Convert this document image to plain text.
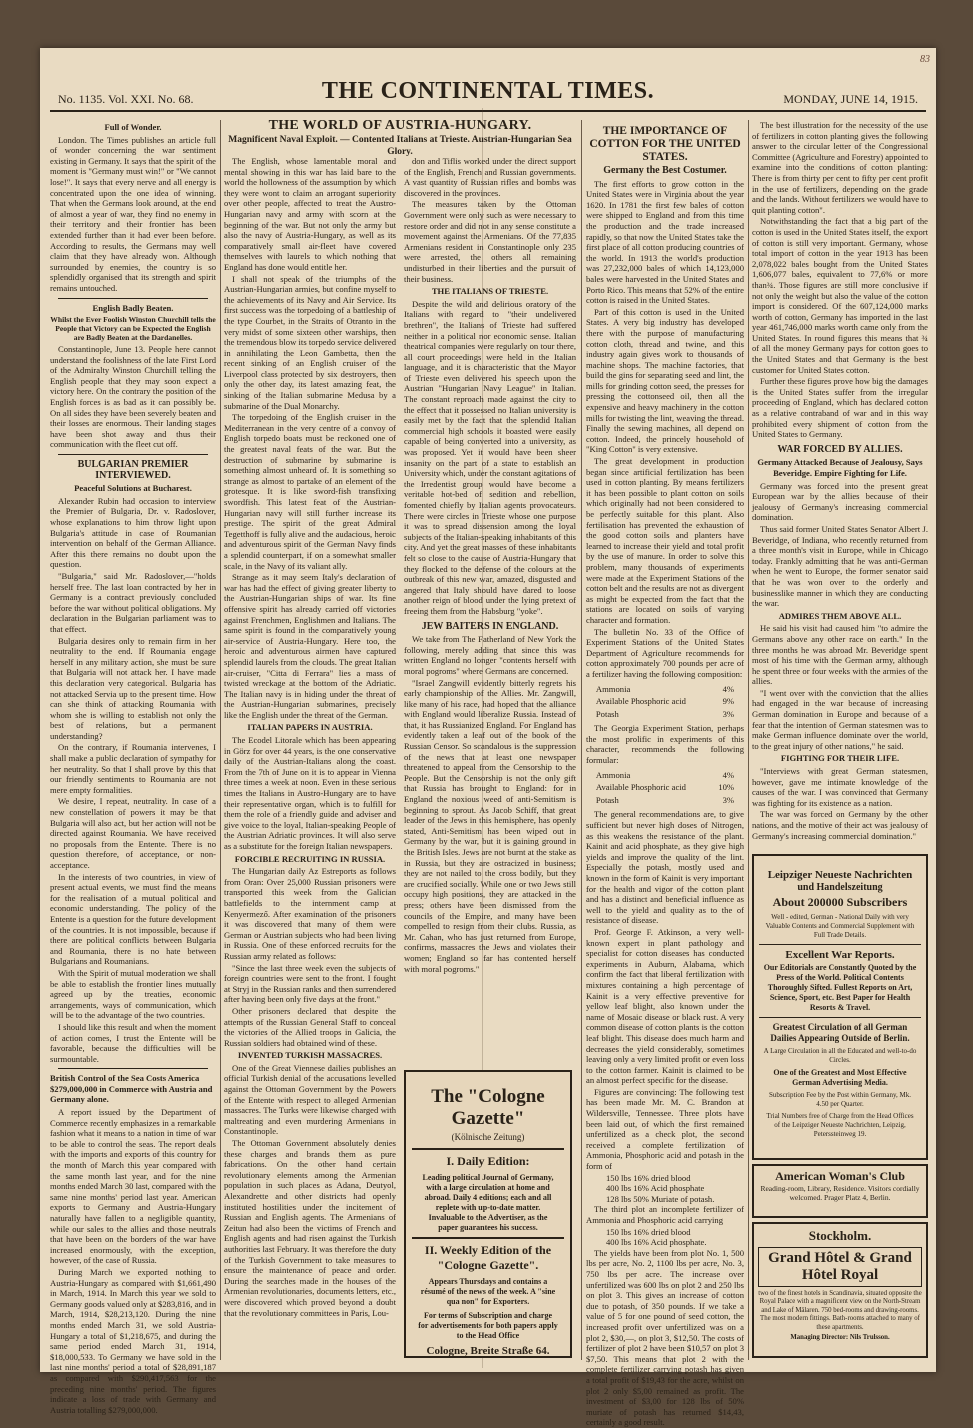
83
No. 1135. Vol. XXI. No. 68.	THE CONTINENTAL TIMES.	MONDAY, JUNE 14, 1915.
Full of Wonder.

London. The Times publishes an article full of wonder concerning the war sentiment existing in Germany. It says that the spirit of the moment is "Germany must win!" or "We cannot lose!". It says that every nerve and all energy is concentrated upon the one idea of winning. That when the Germans look around, at the end of almost a year of war, they find no enemy in their territory and their frontier has been extended further than it had ever been before. According to results, the Germans may well claim that they have already won. Although surrounded by enemies, the country is so splendidly organised that its strength and spirit remains untouched.

English Badly Beaten.
Whilst the Ever Foolish Winston Churchill tells the People that Victory can be Expected the English are Badly Beaten at the Dardanelles.

Constantinople, June 13. People here cannot understand the foolishness of the late First Lord of the Admiralty Winston Churchill telling the English people that they may soon expect a victory here. On the contrary the position of the English forces is as bad as it can possibly be. On all sides they have been severely beaten and their losses are enormous. Their landing stages have been shot away and thus their communication with the fleet cut off.

BULGARIAN PREMIER INTERVIEWED.
Peaceful Solutions at Bucharest.

Alexander Rubin had occasion to interview the Premier of Bulgaria, Dr. v. Radoslover, whose explanations to him throw light upon Bulgaria's attitude in case of Roumanian intervention on behalf of the German Alliance. After this there remains no doubt upon the question.

"Bulgaria," said Mr. Radoslover,—"holds herself free. The last loan contracted by her in Germany is a contract previously concluded before the war without political obligations. My declaration in the Bulgarian parliament was to that effect.

Bulgaria desires only to remain firm in her neutrality to the end. If Roumania engage herself in any military action, she must be sure that Bulgaria will not attack her. I have made this declaration very categorical. Bulgaria has not attacked Servia up to the present time. How can she think of attacking Roumania with whom she is willing to establish not only the best of relations, but a permanent understanding?

On the contrary, if Roumania intervenes, I shall make a public declaration of sympathy for her neutrality. So that I shall prove by this that our friendly sentiments to Roumania are not mere empty formalities.

We desire, I repeat, neutrality. In case of a new constellation of powers it may be that Bulgaria will also act, but her action will not be directed against Roumania. We have received no proposals from the Entente. There is no question therefore, of acceptance, or non-acceptance.

In the interests of two countries, in view of present actual events, we must find the means for the realisation of a mutual political and economic understanding. The policy of the Entente is a question for the future development of the countries. It is not impossible, because if there are political conflicts between Bulgaria and Roumania, there is no hate between Bulgarians and Roumanians.

With the Spirit of mutual moderation we shall be able to establish the frontier lines mutually agreed up by the treaties, economic arrangements, ways of communication, which will be to the advantage of the two countries.

I should like this result and when the moment of action comes, I trust the Entente will be favorable, because the difficulties will be surmountable.

British Control of the Sea Costs America $279,000,000 in Commerce with Austria and Germany alone.

A report issued by the Department of Commerce recently emphasizes in a remarkable fashion what it means to a nation in time of war to be able to control the seas. The report deals with the imports and exports of this country for the month of March this year compared with the same month last year, and for the nine months ended March 30 last, compared with the same nine months' period last year. American exports to Germany and Austria-Hungary naturally have fallen to a negligible quantity, while our sales to the allies and those neutrals that have been on the borders of the war have increased enormously, with the exception, however, of the case of Russia.

During March we exported nothing to Austria-Hungary as compared with $1,661,490 in March, 1914. In March this year we sold to Germany goods valued only at $283,816, and in March, 1914, $28,213,120. During the nine months ended March 31, we sold Austria-Hungary a total of $1,218,675, and during the same period ended March 31, 1914, $18,000,533. To Germany we have sold in the last nine months' period a total of $28,891,187 as compared with $290,417,563 for the preceding nine months' period. The figures indicate a loss of trade with Germany and Austria totalling $279,000,000.

THE WORLD OF AUSTRIA-HUNGARY.
Magnificent Naval Exploit. — Contented Italians at Trieste. Austrian-Hungarian Sea Glory.

The English, whose lamentable moral and mental showing in this war has laid bare to the world the hollowness of the assumption by which they were wont to claim an arrogant superiority over other people, affected to treat the Austro-Hungarian navy and army with scorn at the beginning of the war. But not only the army but also the navy of Austria-Hungary, as well as its comparatively small air-fleet have covered themselves with laurels to which nothing that England has done would entitle her.

I shall not speak of the triumphs of the Austrian-Hungarian armies, but confine myself to the achievements of its Navy and Air Service. Its first success was the torpedoing of a battleship of the type Courbet, in the Straits of Otranto in the very midst of some sixteen other warships, then the tremendous blow its torpedo service delivered in annihilating the Leon Gambetta, then the recent sinking of an English cruiser of the Liverpool class protected by six destroyers, then only the other day, its latest amazing feat, the sinking of the Italian submarine Medusa by a submarine of the Dual Monarchy.

The torpedoing of the English cruiser in the Mediterranean in the very centre of a convoy of English torpedo boats must be reckoned one of the greatest naval feats of the war. But the destruction of submarine by submarine is something almost unheard of. It is something so strange as almost to partake of an element of the grotesque. It is like sword-fish transfixing swordfish. This latest feat of the Austrian-Hungarian navy will still further increase its prestige. The spirit of the great Admiral Tegetthoff is fully alive and the audacious, heroic and adventurous spirit of the German Navy finds a splendid counterpart, if on a somewhat smaller scale, in the Navy of its valiant ally.

Strange as it may seem Italy's declaration of war has had the effect of giving greater liberty to the Austrian-Hungarian ships of war. Its fine offensive spirit has already carried off victories against Frenchmen, Englishmen and Italians. The same spirit is found in the comparatively young air-service of Austria-Hungary. Here too, the heroic and adventurous airmen have captured splendid laurels from the clouds. The great Italian air-cruiser, "Citta di Ferrara" lies a mass of twisted wreckage at the bottom of the Adriatic. The Italian navy is in hiding under the threat of the Austrian-Hungarian submarines, precisely like the English under the threat of the German.

ITALIAN PAPERS IN AUSTRIA.

The Ecodel Litorale which has been appearing in Görz for over 44 years, is the one conservative daily of the Austrian-Italians along the coast. From the 7th of June on it is to appear in Vienna three times a week at noon. Even in these serious times the Italians in Austro-Hungary are to have their representative organ, which is to fulfill for them the role of a friendly guide and adviser and give voice to the loyal, Italian-speaking People of the Austrian Adriatic provinces. It will also serve as a substitute for the foreign Italian newspapers.

FORCIBLE RECRUITING IN RUSSIA.

The Hungarian daily Az Estreports as follows from Oran: Over 25,000 Russian prisoners were transported this week from the Galician battlefields to the internment camp at Kenyermező. After examination of the prisoners it was discovered that many of them were German or Austrian subjects who had been living in Russia. One of these enforced recruits for the Russian army related as follows:

"Since the last three week even the subjects of foreign countries were sent to the front. I fought at Stryj in the Russian ranks and then surrendered after having been only five days at the front."

Other prisoners declared that despite the attempts of the Russian General Staff to conceal the victories of the Allied troops in Galicia, the Russian soldiers had obtained wind of these.

INVENTED TURKISH MASSACRES.

One of the Great Viennese dailies publishes an official Turkish denial of the accusations levelled against the Ottoman Government by the Powers of the Entente with respect to alleged Armenian massacres. The Turks were likewise charged with maltreating and even murdering Armenians in Constantinople.

The Ottoman Government absolutely denies these charges and brands them as pure fabrications. On the other hand certain revolutionary elements among the Armenian population in such places as Adana, Deutyol, Alexandrette and other districts had openly instituted hostilities under the incitement of Russian and English agents. The Armenians of Zeitun had also been the victims of French and English agents and had risen against the Turkish authorities last February. It was therefore the duty of the Turkish Government to take measures to ensure the maintenance of peace and order. During the searches made in the houses of the Armenian revolutionaries, documents letters, etc., were discovered which proved beyond a doubt that the revolutionary committees in Paris, Lou-

don and Tiflis worked under the direct support of the English, French and Russian governments. A vast quantity of Russian rifles and bombs was discovered in the provinces.

The measures taken by the Ottoman Government were only such as were necessary to restore order and did not in any sense constitute a movement against the Armenians. Of the 77,835 Armenians resident in Constantinople only 235 were arrested, the others all remaining undisturbed in their liberties and the pursuit of their business.

THE ITALIANS OF TRIESTE.

Despite the wild and delirious oratory of the Italians with regard to "their undelivered brethren", the Italians of Trieste had suffered neither in a political nor economic sense. Italian theatrical companies were regularly on tour there, all court proceedings were held in the Italian language, and it is characteristic that the Mayor of Trieste even delivered his speech upon the Austrian "Hungarian Navy League" in Italian. The constant reproach made against the city to the effect that it possessed no Italian university is easily met by the fact that the splendid Italian commercial high schools it boasted were easily capable of being converted into a university, as was proposed. Yet it would have been sheer insanity on the part of a state to establish an University which, under the constant agitations of the Irredentist group would have become a veritable hot-bed of sedition and rebellion, fomented chiefly by Italian agents provocateurs. There were circles in Trieste whose one purpose it was to spread dissension among the loyal subjects of the Italian-speaking inhabitants of this city. And yet the great masses of these inhabitants felt so close to the cause of Austria-Hungary that they flocked to the defense of the colours at the outbreak of this new war, amazed, disgusted and angered that Italy should have dared to loose another reign of blood under the lying pretext of freeing them from the Habsburg "yoke".

JEW BAITERS IN ENGLAND.

We take from The Fatherland of New York the following, merely adding that since this was written England no longer "contents herself with moral pogroms" where Germans are concerned.

"Israel Zangwill evidently bitterly regrets his early championship of the Allies. Mr. Zangwill, like many of his race, had hoped that the alliance with England would liberalize Russia. Instead of that, it has Russianized England. For England has evidently taken a leaf out of the book of the Russian Censor. So scandalous is the suppression of the news that at least one newspaper threatened to appeal from the Censorship to the People. But the Censorship is not the only gift that Russia has brought to England: for in England the noxious weed of anti-Semitism is beginning to sprout. As Jacob Schiff, that great leader of the Jews in this hemisphere, has openly stated, Anti-Semitism has been wiped out in Germany by the war, but it is gaining ground in the British Isles. Jews are not burnt at the stake as in Russia, but they are ostracized in business; they are not nailed to the cross bodily, but they are crucified socially. While one or two Jews still occupy high positions, they are attacked in the press; others have been dismissed from the councils of the Empire, and many have been compelled to resign from their clubs. Russia, as Mr. Cahan, who has just returned from Europe, confirms, massacres the Jews and violates their women; England so far has contented herself with moral pogroms."

The "Cologne Gazette"
(Kölnische Zeitung)
I. Daily Edition:
Leading political Journal of Germany, with a large circulation at home and abroad. Daily 4 editions; each and all replete with up-to-date matter. Invaluable to the Advertiser, as the paper guarantees his success.
II. Weekly Edition of the "Cologne Gazette".
Appears Thursdays and contains a résumé of the news of the week. A "sine qua non" for Exporters.
For terms of Subscription and charge for advertisements for both papers apply to the Head Office
Cologne, Breite Straße 64.
THE IMPORTANCE OF COTTON FOR THE UNITED STATES.
Germany the Best Costumer.

The first efforts to grow cotton in the United States were in Virginia about the year 1620. In 1781 the first few bales of cotton were shipped to England and from this time the production and the trade increased rapidly, so that now the United States take the first place of all cotton producing countries of the world. In 1913 the world's production was 27,232,000 bales of which 14,123,000 bales were harvested in the United States and Porto Rico. This means that 52% of the entire cotton is raised in the United States.

Part of this cotton is used in the United States. A very big industry has developed there with the purpose of manufacturing cotton cloth, thread and twine, and this industry again gives work to thousands of machine shops. The machine factories, that build the gins for separating seed and lint, the mills for grinding cotton seed, the presses for pressing the cottonseed oil, then all the expensive and heavy machinery in the cotton mills for twisting the lint, weaving the thread. Finally the sewing machines, all depend on cotton. Indeed, the princely household of "King Cotton" is very extensive.

The great development in production began since artificial fertilization has been used in cotton planting. By means fertilizers it has been possible to plant cotton on soils which originally had not been considered to be perfectly suitable for this plant. Also fertilisation has prevented the exhaustion of the good cotton soils and planters have learned to increase their yield and total profit by the use of manure. In order to solve this problem, many thousands of experiments were made at the Experiment Stations of the cotton belt and the results are not as divergent as might be expected from the fact that the stations are located on soils of varying character and formation.

The bulletin No. 33 of the Office of Experiment Stations of the United States Department of Agriculture recommends for cotton approximately 700 pounds per acre of a fertilizer having the following composition:

Ammonia	4%
Available Phosphoric acid	9%
Potash	3%

The Georgia Experiment Station, perhaps the most prolific in experiments of this character, recommends the following formular:

Ammonia	4%
Available Phosphoric acid	10%
Potash	3%

The general recommendations are, to give sufficient but never high doses of Nitrogen, as this weakens the resistance of the plant. Kainit and acid phosphate, as they give high yields and improve the quality of the lint. Especially the potash, mostly used and known in the form of Kainit is very important for the health and vigor of the cotton plant and has a distinct and beneficial influence as well to the yield and quality as to the of resistance of disease.

Prof. George F. Atkinson, a very well-known expert in plant pathology and specialist for cotton diseases has conducted experiments in Auburn, Alabama, which confirm the fact that liberal fertilization with mixtures containing a high percentage of Kainit is a very effective preventive for yellow leaf blight, also known under the name of Mosaic disease or black rust. A very common disease of cotton plants is the cotton leaf blight. This disease does much harm and decreases the yield considerably, sometimes leaving only a very limited profit or even loss to the cotton farmer. Kainit is claimed to be an almost perfect specific for the disease.

Figures are convincing: The following test has been made Mr. M. C. Brandon at Wildersville, Tennessee. Three plots have been laid out, of which the first remained unfertilized as a check plot, the second received a complete fertilization of Ammonia, Phosphoric acid and potash in the form of

150 lbs 16% dried blood
400 lbs 16% Acid phosphate
128 lbs 50% Muriate of potash.

The third plot an incomplete fertilizer of Ammonia and Phosphoric acid carrying

150 lbs 16% dried blood
400 lbs 16% Acid phosphate.

The yields have been from plot No. 1, 500 lbs per acre, No. 2, 1100 lbs per acre, No. 3, 750 lbs per acre. The increase over unfertilized was 600 lbs on plot 2 and 250 lbs on plot 3. This gives an increase of cotton due to potash, of 350 pounds. If we take a value of 5 for one pound of seed cotton, the increased profit over unfertilized was on a plot 2, $30,—, on plot 3, $12,50. The costs of fertilizer of plot 2 have been $10,57 on plot 3 $7,50. This means that plot 2 with the complete fertilizer carrying potash has given a total profit of $19,43 for the acre, whilst on plot 2 only $5,00 remained as profit. The investment of $3,00 for 128 lbs of 50% muriate of potash has returned $14,43, certainly a good result.

The best illustration for the necessity of the use of fertilizers in cotton planting gives the following answer to the circular letter of the Congressional Committee (Agriculture and Forestry) appointed to examine into the conditions of cotton planting: There is from thirty per cent to fifty per cent profit in the use of fertilizers, depending on the grade and the lands. Without fertilizers we would have to quit planting cotton".

Notwithstanding the fact that a big part of the cotton is used in the United States itself, the export of cotton is still very important. Germany, whose total import of cotton in the year 1913 has been 2,078,022 bales bought from the United States 1,606,077 bales, equivalent to 77,6% or more than¾. Those figures are still more conclusive if not only the weight but also the value of the cotton import is considered. Of the 607,124,000 marks worth of cotton, Germany has imported in the last year 461,746,000 marks worth came only from the United States. In round figures this means that ¾ of all the money Germany pays for cotton goes to the United States and that Germany is the best customer for United States cotton.

Further these figures prove how big the damages is the United States suffer from the irregular proceeding of England, which has declared cotton as a relative contraband of war and in this way prohibited every shipment of cotton from the United States to Germany.

WAR FORCED BY ALLIES.
Germany Attacked Because of Jealousy, Says Beveridge. Empire Fighting for Life.

Germany was forced into the present great European war by the allies because of their jealousy of Germany's increasing commercial domination.

Thus said former United States Senator Albert J. Beveridge, of Indiana, who recently returned from a three month's visit in Europe, while in Chicago today. Frankly admitting that he was anti-German when he went to Europe, the former senator said that he was won over to the orderly and businesslike manner in which they are conducting the war.

ADMIRES THEM ABOVE ALL.

He said his visit had caused him "to admire the Germans above any other race on earth." In the three months he was abroad Mr. Beveridge spent most of his time with the German army, although he spent three or four weeks with the armies of the allies.

"I went over with the conviction that the allies had engaged in the war because of increasing German domination in Europe and because of a fear that the intention of German statesmen was to make German influence dominate over the world, to the great injury of other nations," he said.

FIGHTING FOR THEIR LIFE.

"Interviews with great German statesmen, however, gave me intimate knowledge of the causes of the war. I was convinced that Germany was fighting for its existence as a nation.

The war was forced on Germany by the other nations, and the motive of their act was jealousy of Germany's increasing commercial domination."

Leipziger Neueste Nachrichten
und Handelszeitung
About 200000 Subscribers
Well - edited, German - National Daily with very Valuable Contents and Commercial Supplement with Full Trade Details.
Excellent War Reports.
Our Editorials are Constantly Quoted by the Press of the World. Political Contents Thoroughly Sifted. Fullest Reports on Art, Science, Sport, etc. Best Paper for Health Resorts & Travel.
Greatest Circulation of all German Dailies Appearing Outside of Berlin.
A Large Circulation in all the Educated and well-to-do Circles.
One of the Greatest and Most Effective German Advertising Media.
Subscription Fee by the Post within Germany, Mk. 4.50 per Quarter.
Trial Numbers free of Charge from the Head Offices of the Leipziger Neueste Nachrichten, Leipzig, Peterssteinweg 19.
American Woman's Club
Reading-room, Library, Residence. Visitors cordially welcomed. Prager Platz 4, Berlin.
Stockholm.
Grand Hôtel & Grand Hôtel Royal
two of the finest hotels in Scandinavia, situated opposite the Royal Palace with a magnificent view on the North-Stream and Lake of Mälaren. 750 bed-rooms and drawing-rooms. The most modern fittings. Bath-rooms attached to many of these apartments.
Managing Director: Nils Trulsson.
